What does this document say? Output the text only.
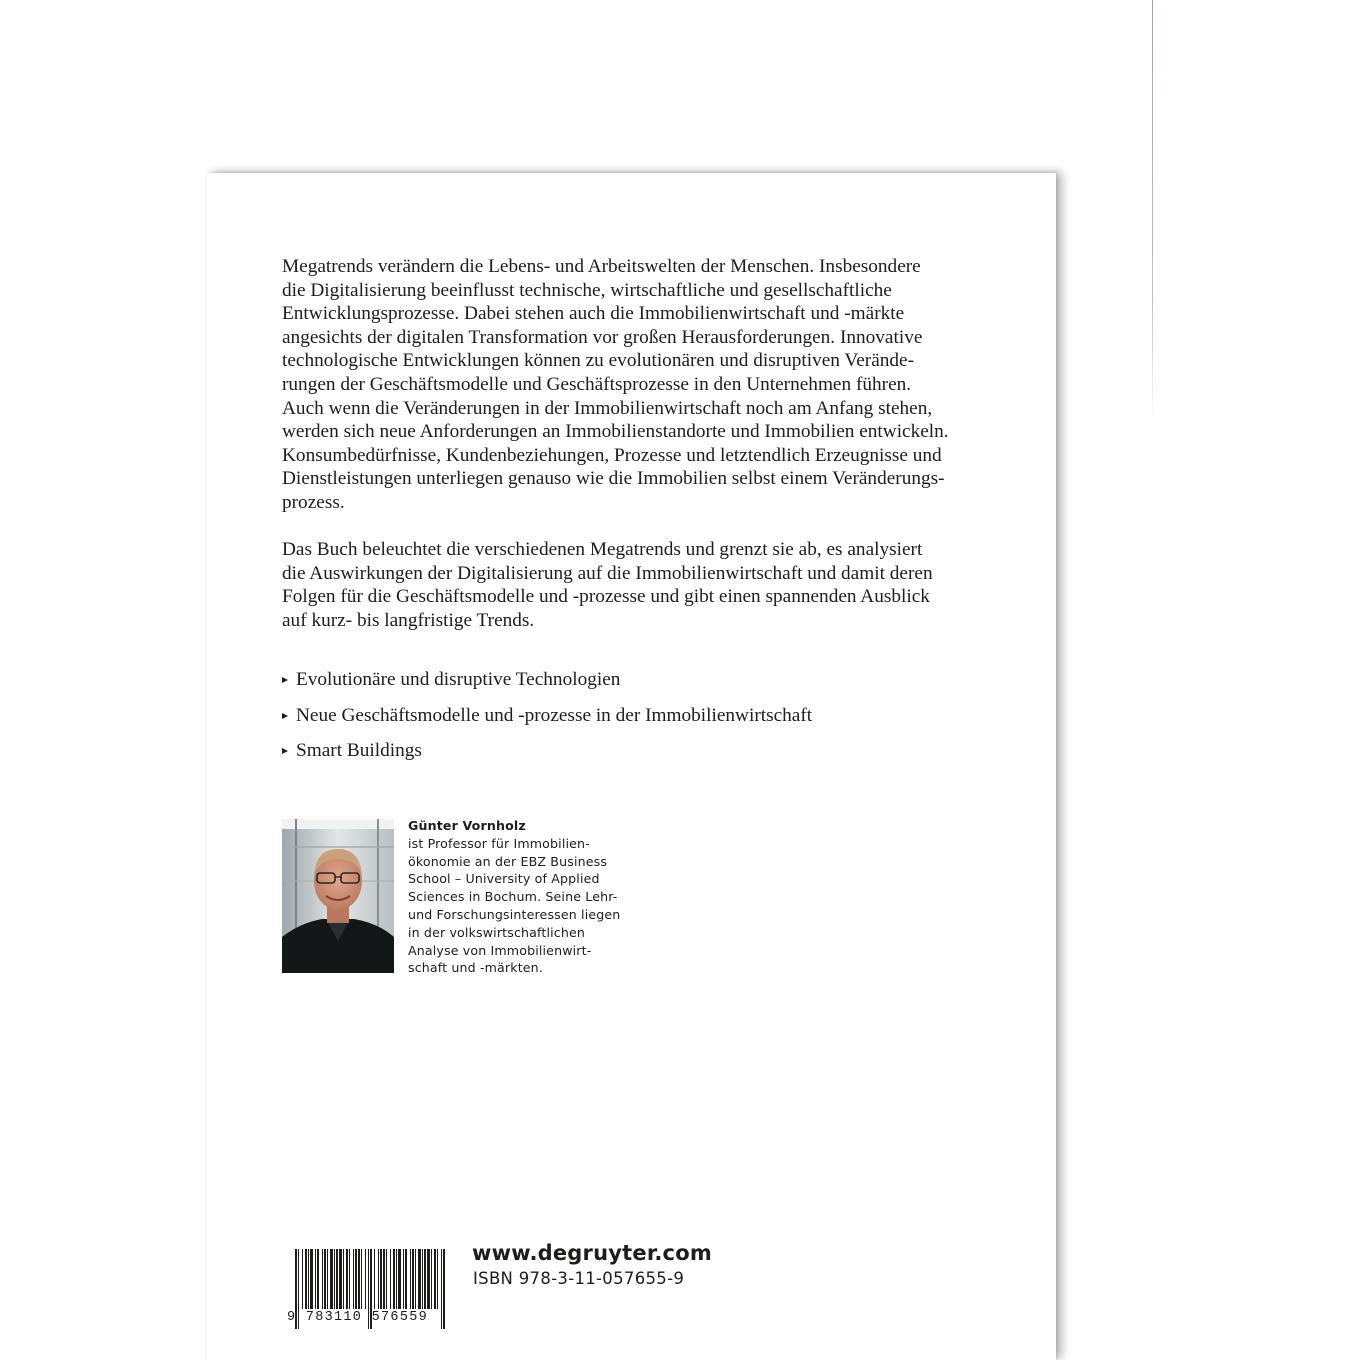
Megatrends verändern die Lebens- und Arbeitswelten der Menschen. Insbesondere
die Digitalisierung beeinflusst technische, wirtschaftliche und gesellschaftliche
Entwicklungsprozesse. Dabei stehen auch die Immobilienwirtschaft und -märkte
angesichts der digitalen Transformation vor großen Herausforderungen. Innovative
technologische Entwicklungen können zu evolutionären und disruptiven Verände-
rungen der Geschäftsmodelle und Geschäftsprozesse in den Unternehmen führen.
Auch wenn die Veränderungen in der Immobilienwirtschaft noch am Anfang stehen,
werden sich neue Anforderungen an Immobilienstandorte und Immobilien entwickeln.
Konsumbedürfnisse, Kundenbeziehungen, Prozesse und letztendlich Erzeugnisse und
Dienstleistungen unterliegen genauso wie die Immobilien selbst einem Veränderungs-
prozess.

Das Buch beleuchtet die verschiedenen Megatrends und grenzt sie ab, es analysiert
die Auswirkungen der Digitalisierung auf die Immobilienwirtschaft und damit deren
Folgen für die Geschäftsmodelle und -prozesse und gibt einen spannenden Ausblick
auf kurz- bis langfristige Trends.

Evolutionäre und disruptive Technologien
Neue Geschäftsmodelle und -prozesse in der Immobilienwirtschaft
Smart Buildings
Günter Vornholz
ist Professor für Immobilien-
ökonomie an der EBZ Business
School – University of Applied
Sciences in Bochum. Seine Lehr-
und Forschungsinteressen liegen
in der volkswirtschaftlichen
Analyse von Immobilienwirt-
schaft und -märkten.
9 783110 576559
www.degruyter.com
ISBN 978-3-11-057655-9
